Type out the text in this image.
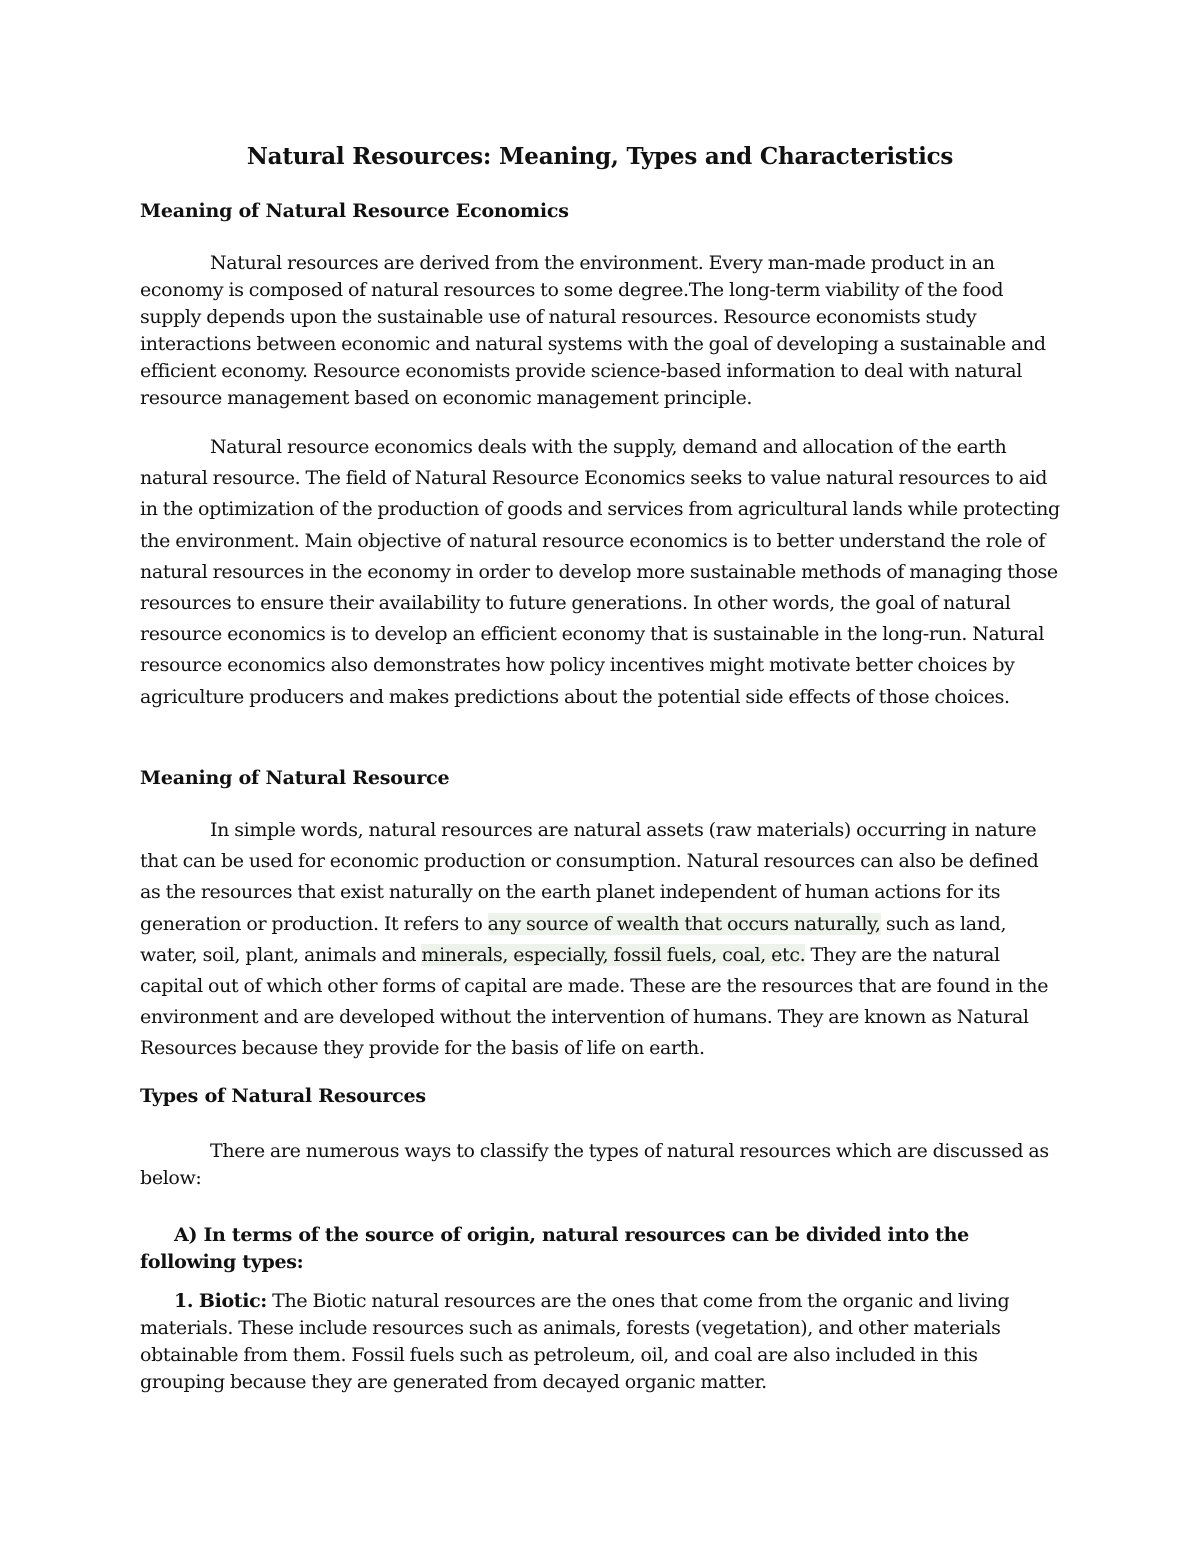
Natural Resources: Meaning, Types and Characteristics
Meaning of Natural Resource Economics

Natural resources are derived from the environment. Every man-made product in an economy is composed of natural resources to some degree.The long-term viability of the food supply depends upon the sustainable use of natural resources. Resource economists study interactions between economic and natural systems with the goal of developing a sustainable and efficient economy. Resource economists provide science-based information to deal with natural resource management based on economic management principle.

Natural resource economics deals with the supply, demand and allocation of the earth natural resource. The field of Natural Resource Economics seeks to value natural resources to aid in the optimization of the production of goods and services from agricultural lands while protecting the environment. Main objective of natural resource economics is to better understand the role of natural resources in the economy in order to develop more sustainable methods of managing those resources to ensure their availability to future generations. In other words, the goal of natural resource economics is to develop an efficient economy that is sustainable in the long-run. Natural resource economics also demonstrates how policy incentives might motivate better choices by agriculture producers and makes predictions about the potential side effects of those choices.

Meaning of Natural Resource

In simple words, natural resources are natural assets (raw materials) occurring in nature that can be used for economic production or consumption. Natural resources can also be defined as the resources that exist naturally on the earth planet independent of human actions for its generation or production. It refers to any source of wealth that occurs naturally, such as land, water, soil, plant, animals and minerals, especially, fossil fuels, coal, etc. They are the natural capital out of which other forms of capital are made. These are the resources that are found in the environment and are developed without the intervention of humans. They are known as Natural Resources because they provide for the basis of life on earth.

Types of Natural Resources

There are numerous ways to classify the types of natural resources which are discussed as below:

A) In terms of the source of origin, natural resources can be divided into the following types:

1. Biotic: The Biotic natural resources are the ones that come from the organic and living materials. These include resources such as animals, forests (vegetation), and other materials obtainable from them. Fossil fuels such as petroleum, oil, and coal are also included in this grouping because they are generated from decayed organic matter.
